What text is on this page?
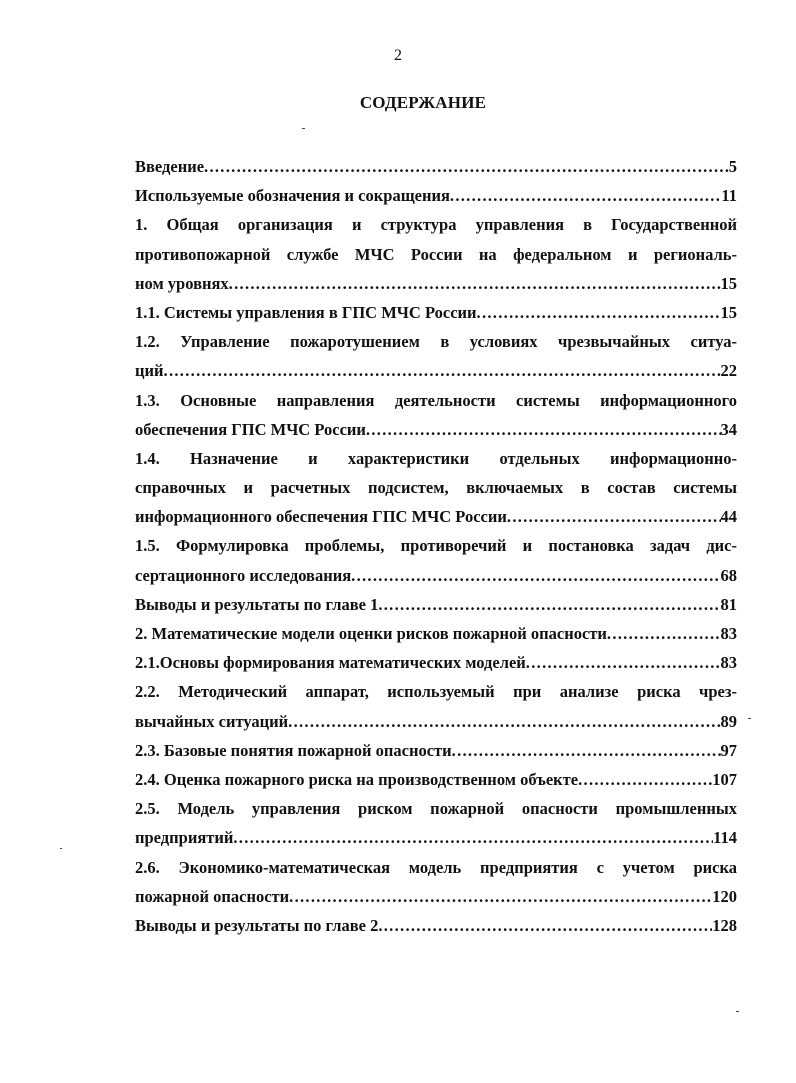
2
СОДЕРЖАНИЕ
Введение .....	5
Используемые обозначения и сокращения .....	11
1. Общая организация и структура управления в Государственной
противопожарной службе МЧС России на федеральном и региональ-
ном уровнях .....	15
1.1. Системы управления в ГПС МЧС России .....	15
1.2. Управление пожаротушением в условиях чрезвычайных ситуа-
ций .....	22
1.3. Основные направления деятельности системы информационного
обеспечения ГПС МЧС России .....	34
1.4. Назначение и характеристики отдельных информационно-
справочных и расчетных подсистем, включаемых в состав системы
информационного обеспечения ГПС МЧС России .....	44
1.5. Формулировка проблемы, противоречий и постановка задач дис-
сертационного исследования .....	68
Выводы и результаты по главе 1 .....	81
2. Математические модели оценки рисков пожарной опасности .....	83
2.1.Основы формирования математических моделей .....	83
2.2. Методический аппарат, используемый при анализе риска чрез-
вычайных ситуаций .....	89
2.3. Базовые понятия пожарной опасности .....	97
2.4. Оценка пожарного риска на производственном объекте .....	107
2.5. Модель управления риском пожарной опасности промышленных
предприятий .....	114
2.6. Экономико-математическая модель предприятия с учетом риска
пожарной опасности .....	120
Выводы и результаты по главе 2 .....	128
